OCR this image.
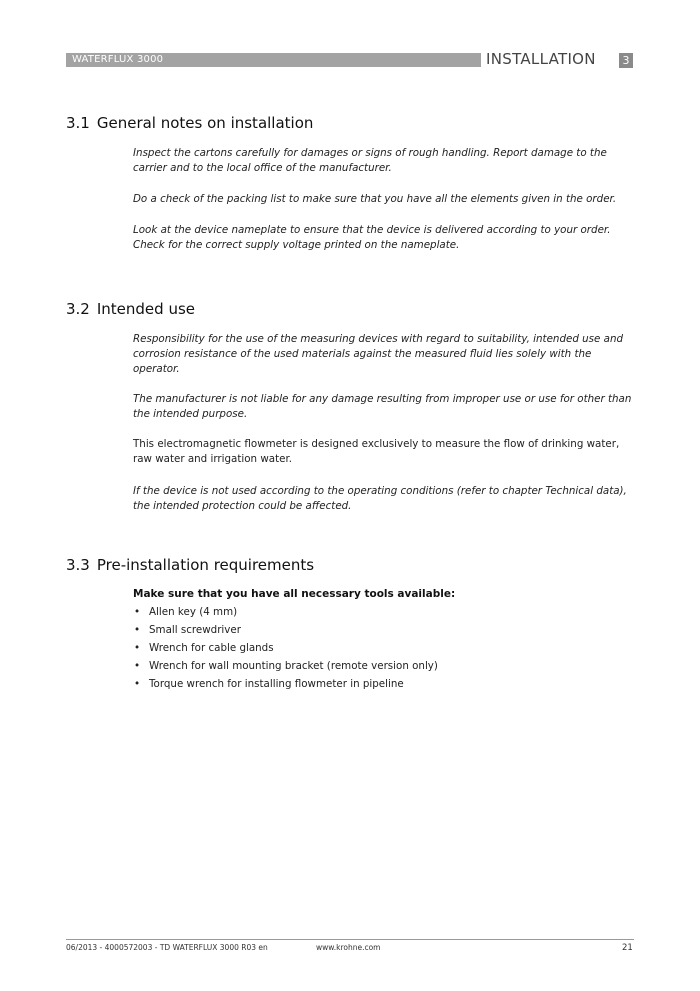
WATERFLUX 3000	INSTALLATION	3
3.1 General notes on installation

Inspect the cartons carefully for damages or signs of rough handling. Report damage to the carrier and to the local office of the manufacturer.

Do a check of the packing list to make sure that you have all the elements given in the order.

Look at the device nameplate to ensure that the device is delivered according to your order. Check for the correct supply voltage printed on the nameplate.

3.2 Intended use

Responsibility for the use of the measuring devices with regard to suitability, intended use and corrosion resistance of the used materials against the measured fluid lies solely with the operator.

The manufacturer is not liable for any damage resulting from improper use or use for other than the intended purpose.

This electromagnetic flowmeter is designed exclusively to measure the flow of drinking water, raw water and irrigation water.

If the device is not used according to the operating conditions (refer to chapter Technical data), the intended protection could be affected.

3.3 Pre-installation requirements

Make sure that you have all necessary tools available:

• Allen key (4 mm)
• Small screwdriver
• Wrench for cable glands
• Wrench for wall mounting bracket (remote version only)
• Torque wrench for installing flowmeter in pipeline
06/2013 - 4000572003 - TD WATERFLUX 3000 R03 en	www.krohne.com	21
